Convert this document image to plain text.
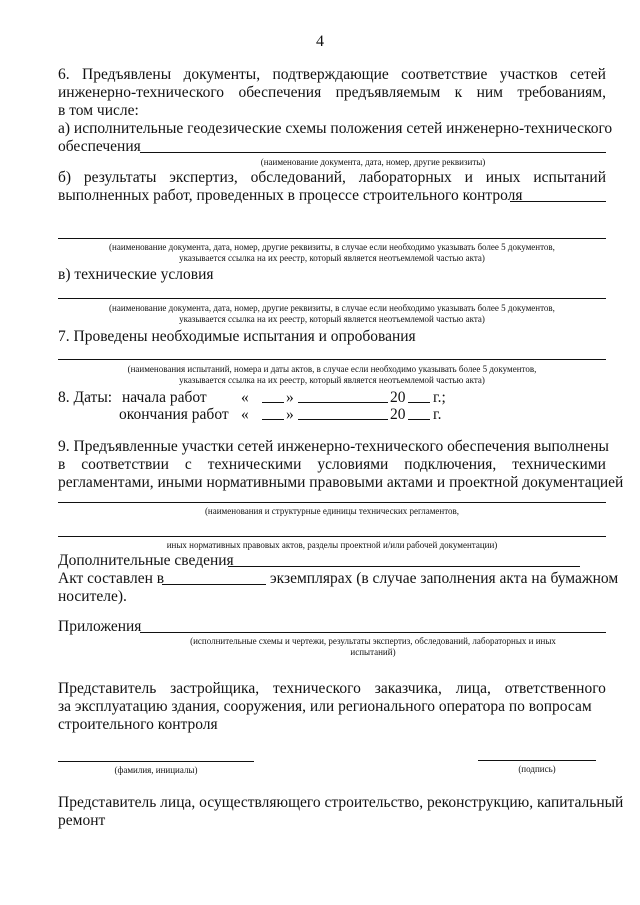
4
6. Предъявлены документы, подтверждающие соответствие участков сетей
инженерно-технического обеспечения предъявляемым к ним требованиям,
в том числе:
а) исполнительные геодезические схемы положения сетей инженерно-технического
обеспечения
(наименование документа, дата, номер, другие реквизиты)
б) результаты экспертиз, обследований, лабораторных и иных испытаний
выполненных работ, проведенных в процессе строительного контроля
(наименование документа, дата, номер, другие реквизиты, в случае если необходимо указывать более 5 документов,
указывается ссылка на их реестр, который является неотъемлемой частью акта)
в) технические условия
(наименование документа, дата, номер, другие реквизиты, в случае если необходимо указывать более 5 документов,
указывается ссылка на их реестр, который является неотъемлемой частью акта)
7. Проведены необходимые испытания и опробования
(наименования испытаний, номера и даты актов, в случае если необходимо указывать более 5 документов,
указывается ссылка на их реестр, который является неотъемлемой частью акта)
8. Даты: начала работ « »	20 г.;
окончания работ « »	20 г.
9. Предъявленные участки сетей инженерно-технического обеспечения выполнены
в соответствии с техническими условиями подключения, техническими
регламентами, иными нормативными правовыми актами и проектной документацией
(наименования и структурные единицы технических регламентов,
иных нормативных правовых актов, разделы проектной и/или рабочей документации)
Дополнительные сведения
Акт составлен в	экземплярах (в случае заполнения акта на бумажном
носителе).
Приложения
(исполнительные схемы и чертежи, результаты экспертиз, обследований, лабораторных и иных
испытаний)
Представитель застройщика, технического заказчика, лица, ответственного
за эксплуатацию здания, сооружения, или регионального оператора по вопросам
строительного контроля
(фамилия, инициалы)	(подпись)
Представитель лица, осуществляющего строительство, реконструкцию, капитальный
ремонт
